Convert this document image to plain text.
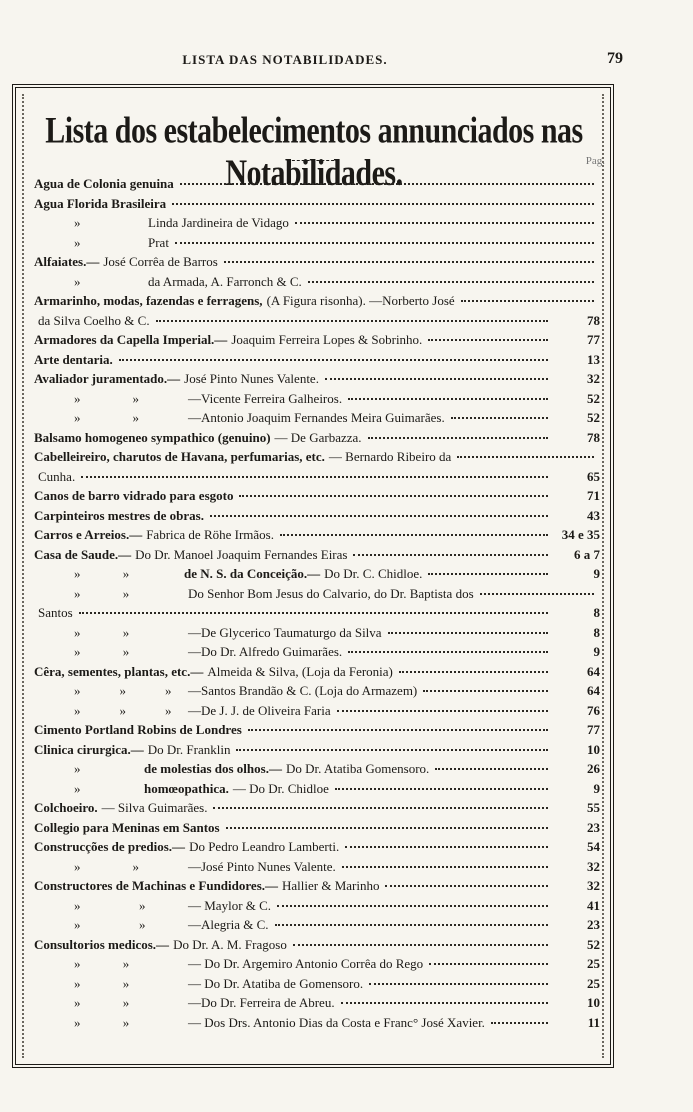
LISTA DAS NOTABILIDADES.	79
Lista dos estabelecimentos annunciados nas Notabilidades.	Pag.
Agua de Colonia genuina
Agua Florida Brasileira
»	Linda Jardineira de Vidago
»	Prat
Alfaiates.— José Corrêa de Barros
»	da Armada, A. Farronch & C.
Armarinho, modas, fazendas e ferragens, (A Figura risonha). —Norberto José
da Silva Coelho & C.	78
Armadores da Capella Imperial.— Joaquim Ferreira Lopes & Sobrinho.	77
Arte dentaria.	13
Avaliador juramentado.— José Pinto Nunes Valente.	32
»                »	—Vicente Ferreira Galheiros.	52
»                »	—Antonio Joaquim Fernandes Meira Guimarães.	52
Balsamo homogeneo sympathico (genuino) — De Garbazza.	78
Cabelleireiro, charutos de Havana, perfumarias, etc. — Bernardo Ribeiro da
Cunha.	65
Canos de barro vidrado para esgoto	71
Carpinteiros mestres de obras.	43
Carros e Arreios.— Fabrica de Röhe Irmãos.	34 e 35
Casa de Saude.— Do Dr. Manoel Joaquim Fernandes Eiras	6 a 7
»             »	de N. S. da Conceição.— Do Dr. C. Chidloe.	9
»             »	Do Senhor Bom Jesus do Calvario, do Dr. Baptista dos
Santos	8
»             »	—De Glycerico Taumaturgo da Silva	8
»             »	—Do Dr. Alfredo Guimarães.	9
Cêra, sementes, plantas, etc.— Almeida & Silva, (Loja da Feronia)	64
»            »            »	—Santos Brandão & C. (Loja do Armazem)	64
»            »            »	—De J. J. de Oliveira Faria	76
Cimento Portland Robins de Londres	77
Clinica cirurgica.— Do Dr. Franklin	10
»	de molestias dos olhos.— Do Dr. Atatiba Gomensoro.	26
»	homœopathica. — Do Dr. Chidloe	9
Colchoeiro. — Silva Guimarães.	55
Collegio para Meninas em Santos	23
Construcções de predios.— Do Pedro Leandro Lamberti.	54
»                »	—José Pinto Nunes Valente.	32
Constructores de Machinas e Fundidores.— Hallier & Marinho	32
»                  »	— Maylor & C.	41
»                  »	—Alegria & C.	23
Consultorios medicos.— Do Dr. A. M. Fragoso	52
»             »	— Do Dr. Argemiro Antonio Corrêa do Rego	25
»             »	— Do Dr. Atatiba de Gomensoro.	25
»             »	—Do Dr. Ferreira de Abreu.	10
»             »	— Dos Drs. Antonio Dias da Costa e Franc° José Xavier.	11
